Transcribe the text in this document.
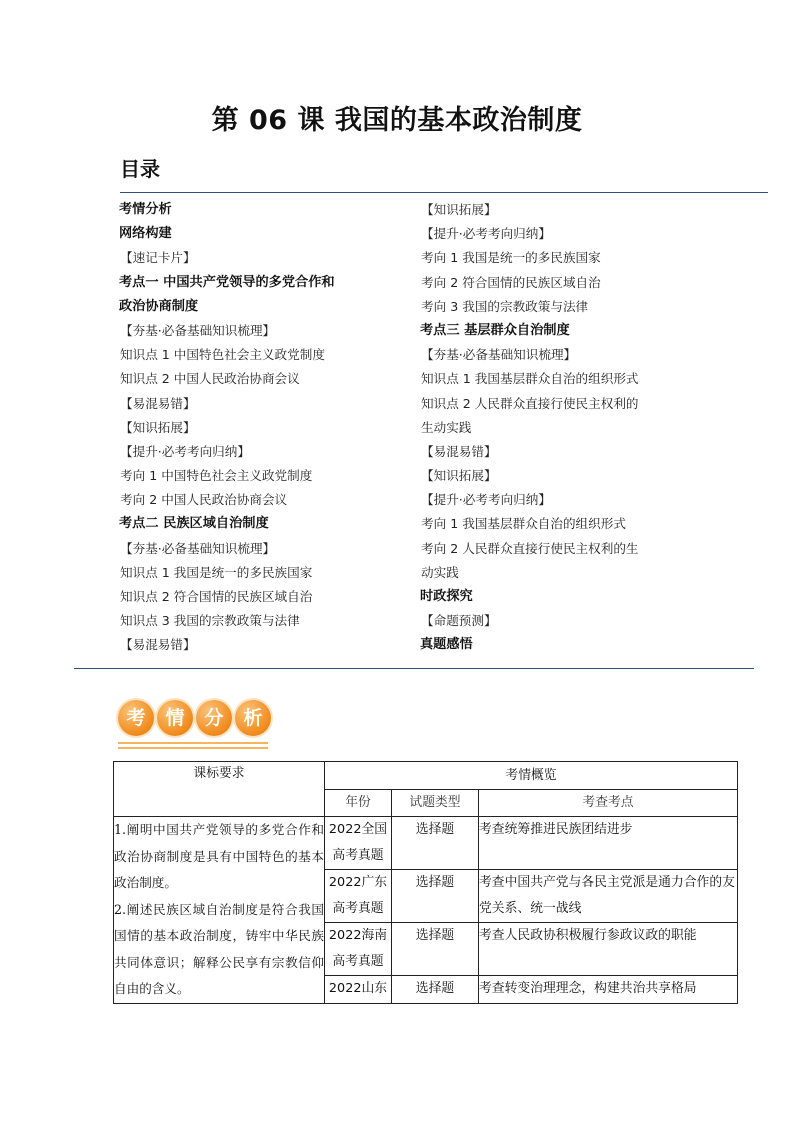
第 06 课 我国的基本政治制度
目录
考情分析
网络构建
【速记卡片】
考点一 中国共产党领导的多党合作和
政治协商制度
【夯基·必备基础知识梳理】
知识点 1 中国特色社会主义政党制度
知识点 2 中国人民政治协商会议
【易混易错】
【知识拓展】
【提升·必考考向归纳】
考向 1 中国特色社会主义政党制度
考向 2 中国人民政治协商会议
考点二 民族区域自治制度
【夯基·必备基础知识梳理】
知识点 1 我国是统一的多民族国家
知识点 2 符合国情的民族区域自治
知识点 3 我国的宗教政策与法律
【易混易错】
【知识拓展】
【提升·必考考向归纳】
考向 1 我国是统一的多民族国家
考向 2 符合国情的民族区域自治
考向 3 我国的宗教政策与法律
考点三 基层群众自治制度
【夯基·必备基础知识梳理】
知识点 1 我国基层群众自治的组织形式
知识点 2 人民群众直接行使民主权利的
生动实践
【易混易错】
【知识拓展】
【提升·必考考向归纳】
考向 1 我国基层群众自治的组织形式
考向 2 人民群众直接行使民主权利的生
动实践
时政探究
【命题预测】
真题感悟
考	情	分	析
课标要求	考情概览		
	年份	试题类型	考查考点

1.阐明中国共产党领导的多党合作和政治协商制度是具有中国特色的基本政治制度。

2.阐述民族区域自治制度是符合我国国情的基本政治制度，铸牢中华民族共同体意识；解释公民享有宗教信仰自由的含义。	2022全国高考真题	选择题	考查统筹推进民族团结进步
	2022广东高考真题	选择题	考查中国共产党与各民主党派是通力合作的友党关系、统一战线
	2022海南高考真题	选择题	考查人民政协积极履行参政议政的职能
	2022山东	选择题	考查转变治理理念，构建共治共享格局
